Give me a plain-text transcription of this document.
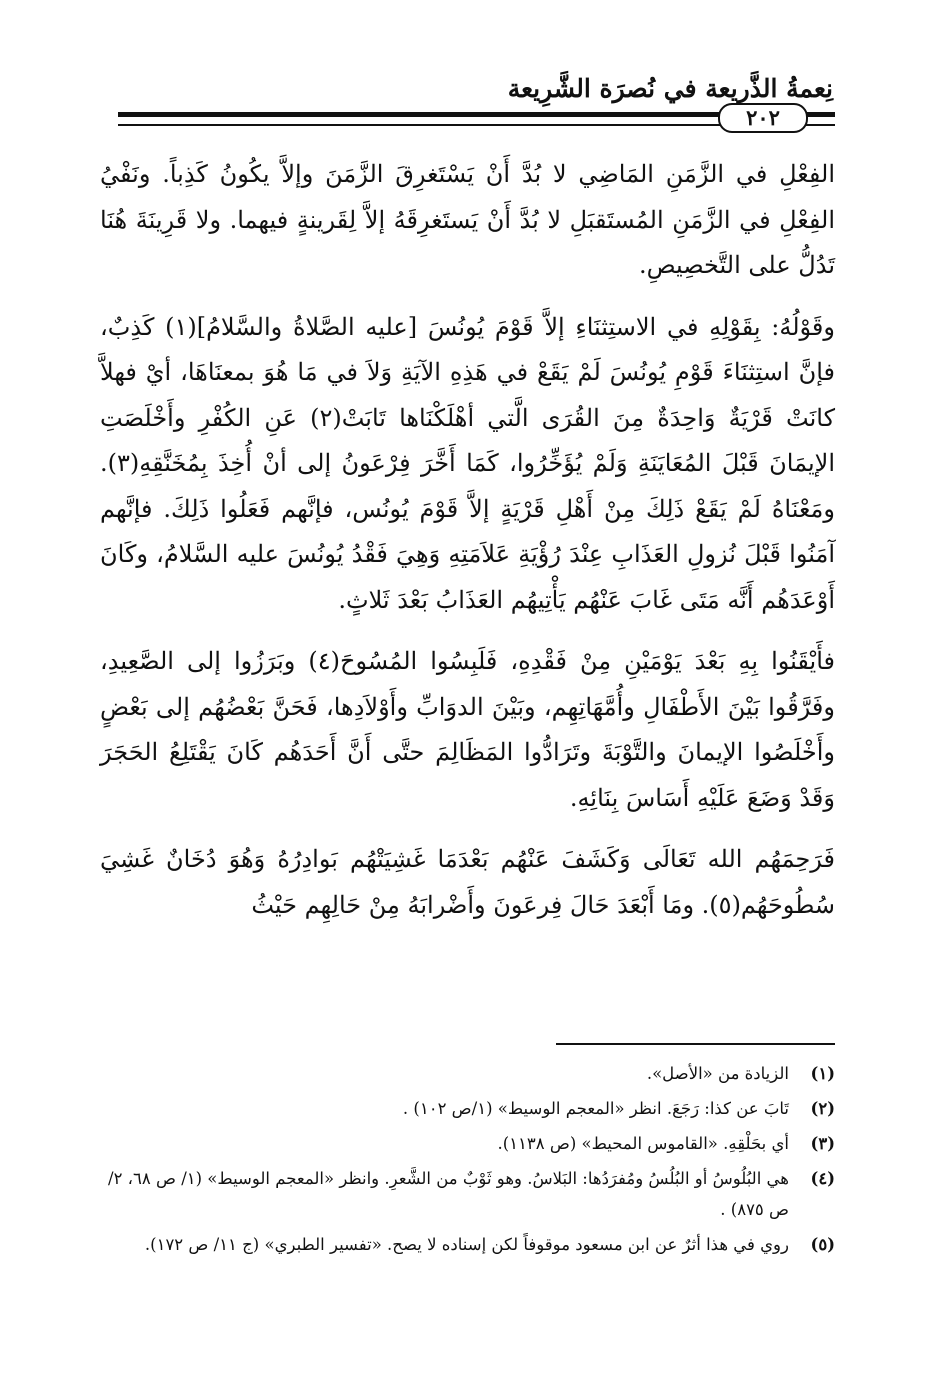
نِعمةُ الذَّرِيعة في نُصرَة الشَّرِيعة
٢٠٢

الفِعْلِ في الزَّمَنِ المَاضِي لا بُدَّ أَنْ يَسْتَغرِقَ الزَّمَنَ وإلاَّ يكُونُ كَذِباً. ونَفْيُ الفِعْلِ في الزَّمَنِ المُستَقبَلِ لا بُدَّ أَنْ يَستَغرِقَهُ إلاَّ لِقَرينةٍ فيهما. ولا قَرِينَةَ هُنَا تَدُلُّ على التَّخصِيصِ.

وقَوْلُهُ: بِقَوْلِهِ في الاستِثنَاءِ إلاَّ قَوْمَ يُونُسَ [عليه الصَّلاةُ والسَّلامُ](١) كَذِبٌ، فإنَّ استِثنَاءَ قَوْمِ يُونُسَ لَمْ يَقَعْ في هَذِهِ الآيَةِ وَلاَ في مَا هُوَ بمعنَاهَا، أيْ فهلاَّ كانَتْ قَرْيَةٌ وَاحِدَةٌ مِنَ القُرَى الَّتي أهْلَكْنَاها تَابَتْ(٢) عَنِ الكُفْرِ وأَخْلَصَتِ الإيمَانَ قَبْلَ المُعَايَنَةِ وَلَمْ يُؤَخِّرُوا، كَمَا أَخَّرَ فِرْعَونُ إلى أنْ أُخِذَ بِمُخَنَّقِهِ(٣). ومَعْنَاهُ لَمْ يَقَعْ ذَلِكَ مِنْ أَهْلِ قَرْيَةٍ إلاَّ قَوْمَ يُونُس، فإنَّهم فَعَلُوا ذَلِكَ. فإنَّهم آمَنُوا قَبْلَ نُزولِ العَذَابِ عِنْدَ رُؤْيَةِ عَلاَمَتِهِ وَهِيَ فَقْدُ يُونُسَ عليه السَّلامُ، وكَانَ أَوْعَدَهُم أَنَّه مَتَى غَابَ عَنْهُم يَأْتِيهُم العَذَابُ بَعْدَ ثَلاثٍ.

فأَيْقَنُوا بِهِ بَعْدَ يَوْمَيْنِ مِنْ فَقْدِهِ، فَلَبِسُوا المُسُوحَ(٤) وبَرَزُوا إلى الصَّعِيدِ، وفَرَّقُوا بَيْنَ الأَطْفَالِ وأُمَّهَاتِهِم، وبَيْنَ الدوَابِّ وأَوْلاَدِها، فَحَنَّ بَعْضُهُم إلى بَعْضٍ وأَخْلَصُوا الإيمانَ والتَّوْبَةَ وتَرَادُّوا المَظَالِمَ حتَّى أَنَّ أَحَدَهُم كَانَ يَقْتَلِعُ الحَجَرَ وَقَدْ وَضَعَ عَلَيْهِ أَسَاسَ بِنَائِهِ.

فَرَحِمَهُم الله تَعَالَى وَكَشَفَ عَنْهُم بَعْدَمَا غَشِيَتْهُم بَوادِرُهُ وَهُوَ دُخَانٌ غَشِيَ سُطُوحَهُم(٥). ومَا أَبْعَدَ حَالَ فِرعَونَ وأَضْرابَهُ مِنْ حَالِهِم حَيْثُ

(١)
الزيادة من «الأصل».
(٢)
تَابَ عن كذا: رَجَعَ. انظر «المعجم الوسيط» (١/ص ١٠٢) .
(٣)
أي بحَلْقِهِ. «القاموس المحيط» (ص ١١٣٨).
(٤)
هي البُلُوسُ أو البُلُسُ ومُفرَدُها: البَلاسُ. وهو ثَوْبٌ من الشَّعرِ. وانظر «المعجم الوسيط» (١/ ص ٦٨، ٢/ ص ٨٧٥) .
(٥)
روي في هذا أثرٌ عن ابن مسعود موقوفاً لكن إسناده لا يصح. «تفسير الطبري» (ج ١١/ ص ١٧٢).
